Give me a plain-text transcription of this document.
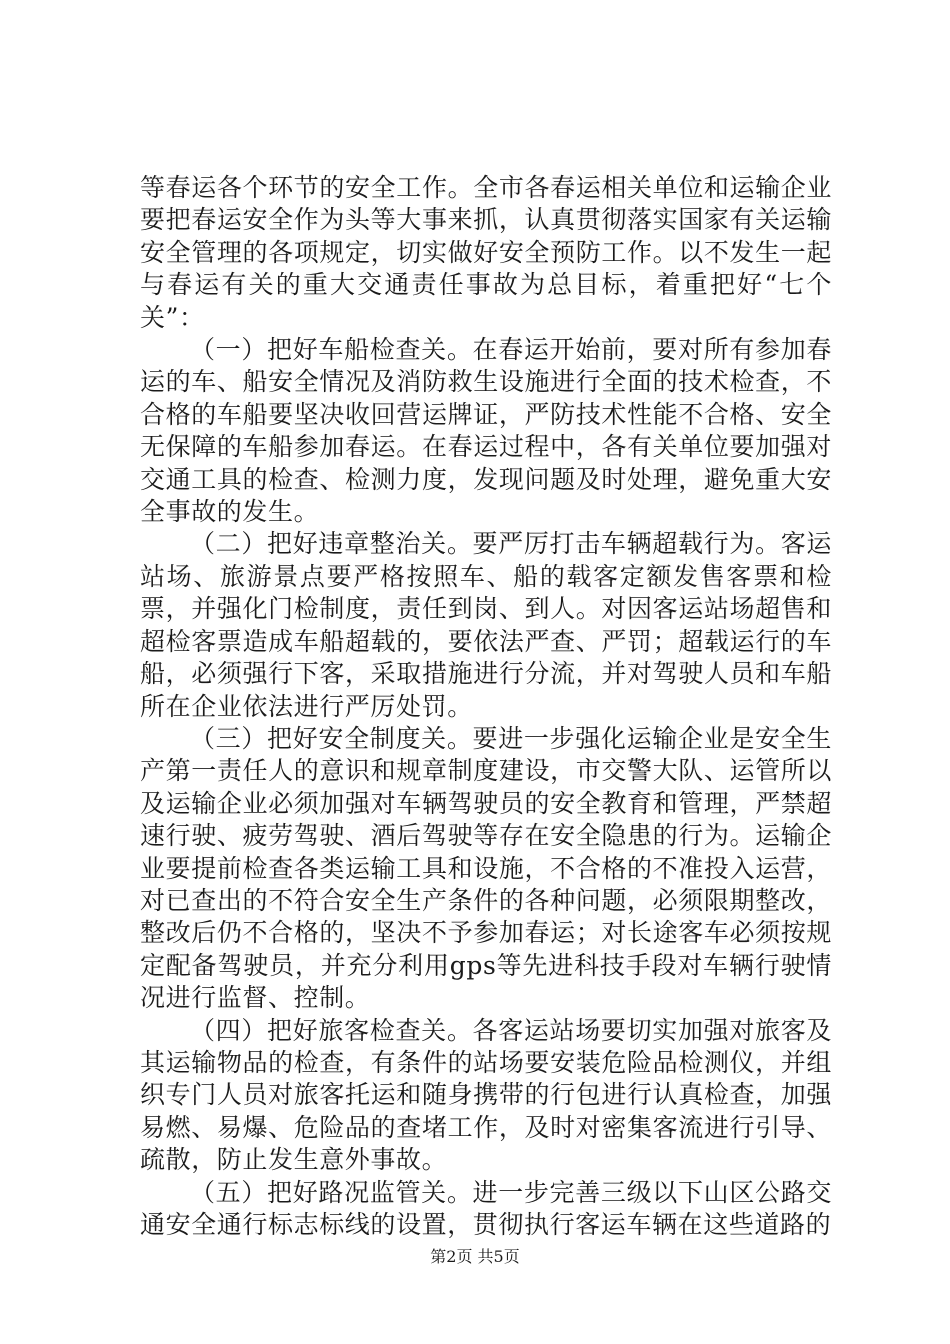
等春运各个环节的安全工作。全市各春运相关单位和运输企业要把春运安全作为头等大事来抓，认真贯彻落实国家有关运输安全管理的各项规定，切实做好安全预防工作。以不发生一起与春运有关的重大交通责任事故为总目标，着重把好“七个关”：

（一）把好车船检查关。在春运开始前，要对所有参加春运的车、船安全情况及消防救生设施进行全面的技术检查，不合格的车船要坚决收回营运牌证，严防技术性能不合格、安全无保障的车船参加春运。在春运过程中，各有关单位要加强对交通工具的检查、检测力度，发现问题及时处理，避免重大安全事故的发生。

（二）把好违章整治关。要严厉打击车辆超载行为。客运站场、旅游景点要严格按照车、船的载客定额发售客票和检票，并强化门检制度，责任到岗、到人。对因客运站场超售和超检客票造成车船超载的，要依法严查、严罚；超载运行的车船，必须强行下客，采取措施进行分流，并对驾驶人员和车船所在企业依法进行严厉处罚。

（三）把好安全制度关。要进一步强化运输企业是安全生产第一责任人的意识和规章制度建设，市交警大队、运管所以及运输企业必须加强对车辆驾驶员的安全教育和管理，严禁超速行驶、疲劳驾驶、酒后驾驶等存在安全隐患的行为。运输企业要提前检查各类运输工具和设施，不合格的不准投入运营，对已查出的不符合安全生产条件的各种问题，必须限期整改，整改后仍不合格的，坚决不予参加春运；对长途客车必须按规定配备驾驶员，并充分利用gps等先进科技手段对车辆行驶情况进行监督、控制。

（四）把好旅客检查关。各客运站场要切实加强对旅客及其运输物品的检查，有条件的站场要安装危险品检测仪，并组织专门人员对旅客托运和随身携带的行包进行认真检查，加强易燃、易爆、危险品的查堵工作，及时对密集客流进行引导、疏散，防止发生意外事故。

（五）把好路况监管关。进一步完善三级以下山区公路交通安全通行标志标线的设置，贯彻执行客运车辆在这些道路的

第2页 共5页
